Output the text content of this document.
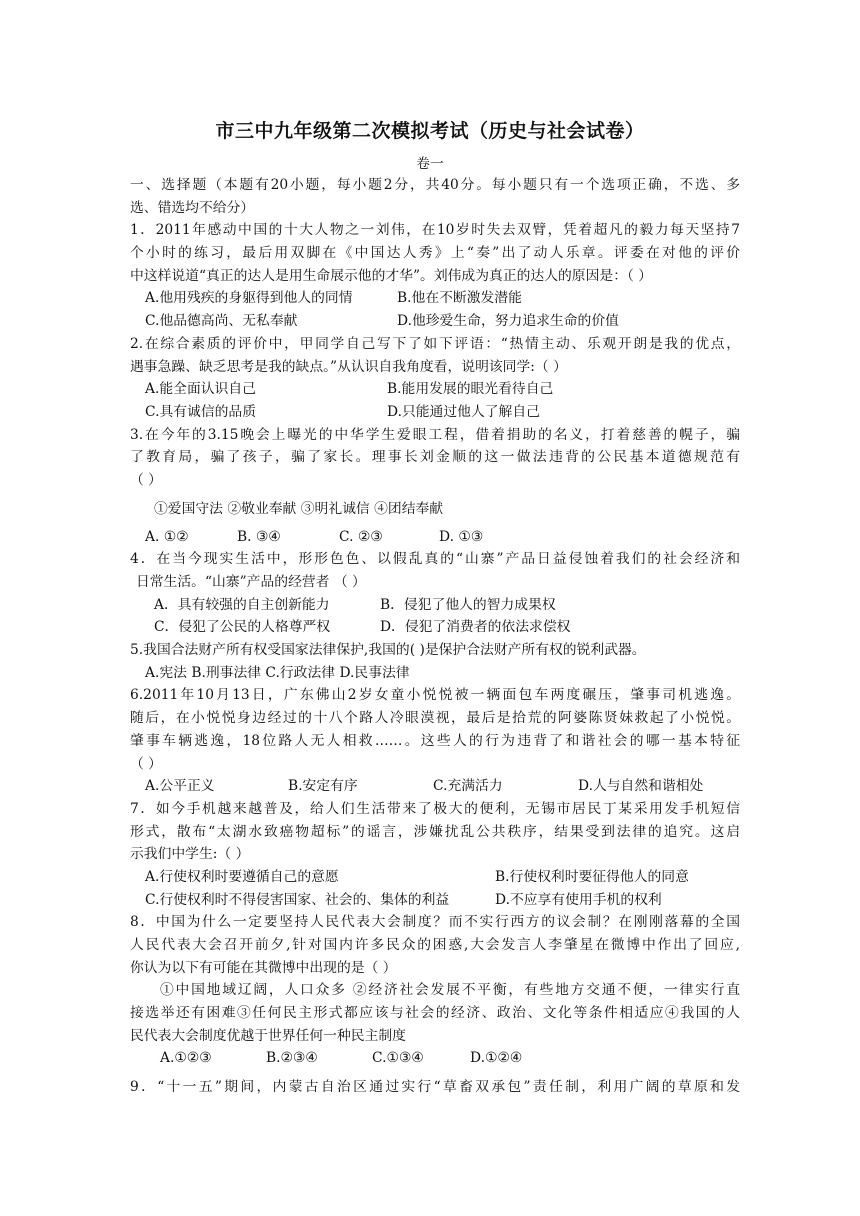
市三中九年级第二次模拟考试（历史与社会试卷）
卷一
一、选择题（本题有20小题，每小题2分，共40分。每小题只有一个选项正确，不选、多
选、错选均不给分）
1．2011年感动中国的十大人物之一刘伟，在10岁时失去双臂，凭着超凡的毅力每天坚持7
个小时的练习，最后用双脚在《中国达人秀》上“奏”出了动人乐章。评委在对他的评价
中这样说道“真正的达人是用生命展示他的才华”。刘伟成为真正的达人的原因是：（ ）
A.他用残疾的身躯得到他人的同情	B.他在不断激发潜能
C.他品德高尚、无私奉献	D.他珍爱生命，努力追求生命的价值
2.在综合素质的评价中，甲同学自己写下了如下评语：“热情主动、乐观开朗是我的优点，
遇事急躁、缺乏思考是我的缺点。”从认识自我角度看，说明该同学:（ ）
A.能全面认识自己	B.能用发展的眼光看待自己
C.具有诚信的品质	D.只能通过他人了解自己
3.在今年的3.15晚会上曝光的中华学生爱眼工程，借着捐助的名义，打着慈善的幌子，骗
了教育局，骗了孩子，骗了家长。理事长刘金顺的这一做法违背的公民基本道德规范有
（ ）
①爱国守法 ②敬业奉献 ③明礼诚信 ④团结奉献
A. ①②	B. ③④	C. ②③	D. ①③
4．在当今现实生活中，形形色色、以假乱真的“山寨”产品日益侵蚀着我们的社会经济和
日常生活。“山寨”产品的经营者 （ ）
A．具有较强的自主创新能力	B．侵犯了他人的智力成果权
C．侵犯了公民的人格尊严权	D．侵犯了消费者的依法求偿权
5.我国合法财产所有权受国家法律保护,我国的( )是保护合法财产所有权的锐利武器。
A.宪法 B.刑事法律 C.行政法律 D.民事法律
6.2011年10月13日，广东佛山2岁女童小悦悦被一辆面包车两度碾压，肇事司机逃逸。
随后，在小悦悦身边经过的十八个路人冷眼漠视，最后是拾荒的阿婆陈贤妹救起了小悦悦。
肇事车辆逃逸，18位路人无人相救……。这些人的行为违背了和谐社会的哪一基本特征
（ ）
A.公平正义	B.安定有序	C.充满活力	D.人与自然和谐相处
7．如今手机越来越普及，给人们生活带来了极大的便利，无锡市居民丁某采用发手机短信
形式，散布“太湖水致癌物超标”的谣言，涉嫌扰乱公共秩序，结果受到法律的追究。这启
示我们中学生:（ ）
A.行使权利时要遵循自己的意愿	B.行使权利时要征得他人的同意
C.行使权利时不得侵害国家、社会的、集体的利益	D.不应享有使用手机的权利
8．中国为什么一定要坚持人民代表大会制度？而不实行西方的议会制？在刚刚落幕的全国
人民代表大会召开前夕,针对国内许多民众的困惑,大会发言人李肇星在微博中作出了回应,
你认为以下有可能在其微博中出现的是（ ）
①中国地域辽阔，人口众多 ②经济社会发展不平衡，有些地方交通不便，一律实行直
接选举还有困难③任何民主形式都应该与社会的经济、政治、文化等条件相适应④我国的人
民代表大会制度优越于世界任何一种民主制度
A.①②③	B.②③④	C.①③④	D.①②④
9．“十一五”期间，内蒙古自治区通过实行“草畜双承包”责任制，利用广阔的草原和发
